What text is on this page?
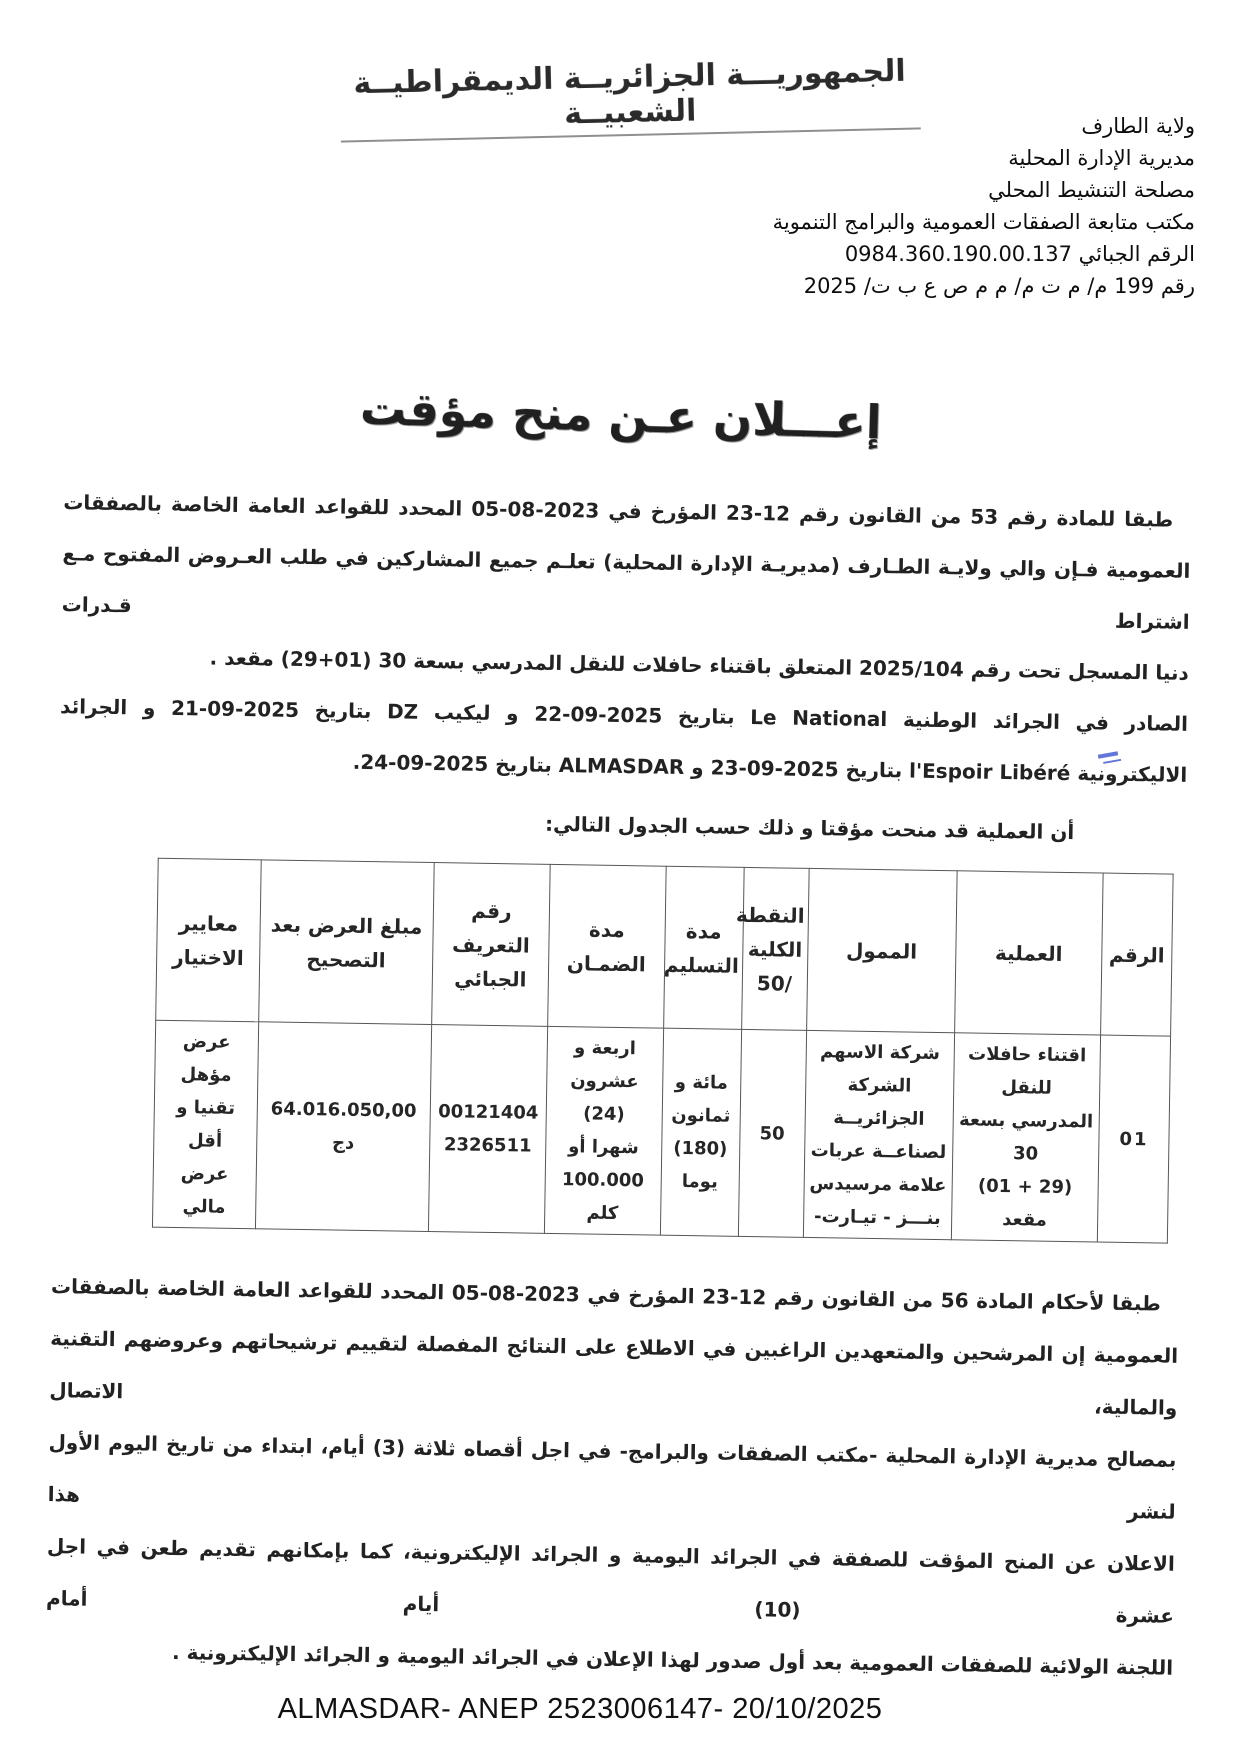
الجمهوريـــة الجزائريــة الديمقراطيــة الشعبيــة	ولاية الطارف
مديرية الإدارة المحلية
مصلحة التنشيط المحلي
مكتب متابعة الصفقات العمومية والبرامج التنموية
الرقم الجبائي 0984.360.190.00.137
رقم 199 م/ م ت م/ م م ص ع ب ت/ 2025
إعـــلان عـن منح مؤقت
طبقا للمادة رقم 53 من القانون رقم 12-23 المؤرخ في 2023-08-05 المحدد للقواعد العامة الخاصة بالصفقات
العمومية فـإن والي ولايـة الطـارف (مديريـة الإدارة المحلية) تعلـم جميع المشاركين في طلب العـروض المفتوح مـع اشتراط قـدرات
دنيا المسجل تحت رقم 2025/104 المتعلق باقتناء حافلات للنقل المدرسي بسعة 30 (01+29) مقعد .
الصادر في الجرائد الوطنية Le National بتاريخ 2025-09-22 و ليكيب DZ بتاريخ 2025-09-21 و الجرائد
الاليكترونية l'Espoir Libéré بتاريخ 2025-09-23 و ALMASDAR بتاريخ 2025-09-24.
أن العملية قد منحت مؤقتا و ذلك حسب الجدول التالي:
الرقم	العملية	الممول	النقطة الكلية /50	مدة التسليم	مدة الضمـان	رقم التعريف الجبائي	مبلغ العرض بعد التصحيح	معايير الاختيار
01	اقتناء حافلات للنقل
المدرسي بسعة 30
(29 + 01) مقعد	شركة الاسهم
الشركة الجزائريــة
لصناعــة عربات
علامة مرسيدس
بنـــز - تيـارت-	50	مائة و
ثمانون
(180)
يوما	اربعة و
عشرون (24)
شهرا أو
100.000
كلم	00121404
2326511	64.016.050,00 دج	عرض مؤهل
تقنيا و أقل
عرض مالي
طبقا لأحكام المادة 56 من القانون رقم 12-23 المؤرخ في 2023-08-05 المحدد للقواعد العامة الخاصة بالصفقات
العمومية إن المرشحين والمتعهدين الراغبين في الاطلاع على النتائج المفصلة لتقييم ترشيحاتهم وعروضهم التقنية والمالية، الاتصال
بمصالح مديرية الإدارة المحلية -مكتب الصفقات والبرامج- في اجل أقصاه ثلاثة (3) أيام، ابتداء من تاريخ اليوم الأول لنشر هذا
الاعلان عن المنح المؤقت للصفقة في الجرائد اليومية و الجرائد الإليكترونية، كما بإمكانهم تقديم طعن في اجل عشرة (10) أيام أمام
اللجنة الولائية للصفقات العمومية بعد أول صدور لهذا الإعلان في الجرائد اليومية و الجرائد الإليكترونية .
ALMASDAR- ANEP 2523006147- 20/10/2025
